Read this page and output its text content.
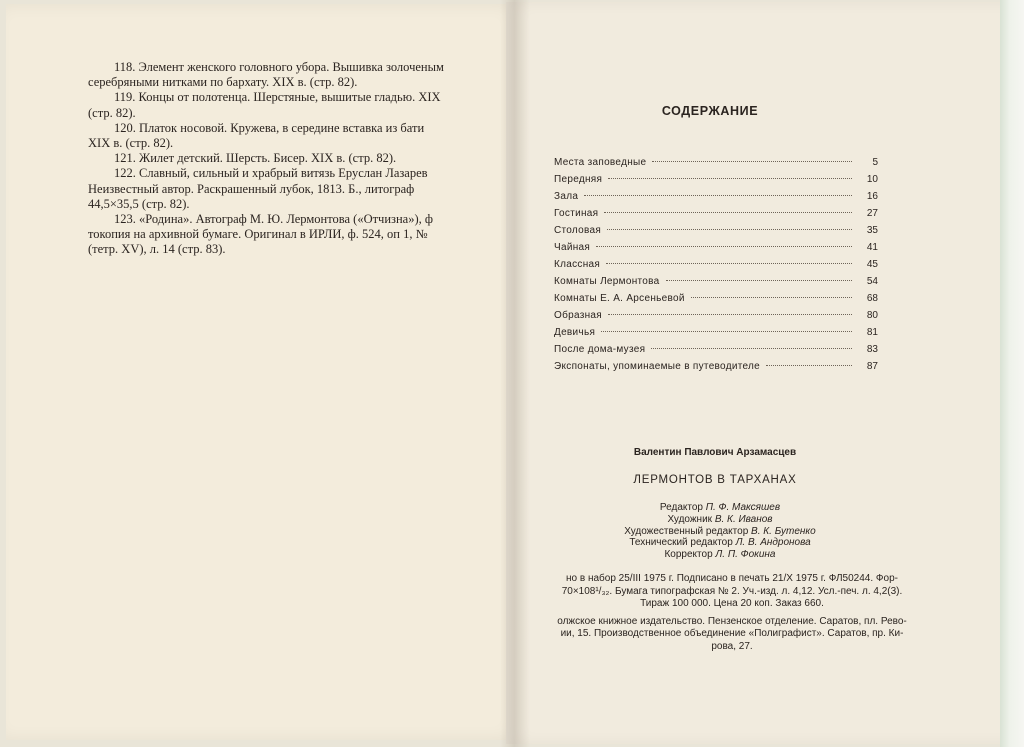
118. Элемент женского головного убора. Вышивка золоченым
серебряными нитками по бархату. XIX в. (стр. 82).
119. Концы от полотенца. Шерстяные, вышитые гладью. XIX
(стр. 82).
120. Платок носовой. Кружева, в середине вставка из бати
XIX в. (стр. 82).
121. Жилет детский. Шерсть. Бисер. XIX в. (стр. 82).
122. Славный, сильный и храбрый витязь Еруслан Лазарев
Неизвестный автор. Раскрашенный лубок, 1813. Б., литограф
44,5×35,5 (стр. 82).
123. «Родина». Автограф М. Ю. Лермонтова («Отчизна»), ф
токопия на архивной бумаге. Оригинал в ИРЛИ, ф. 524, оп 1, №
(тетр. XV), л. 14 (стр. 83).
СОДЕРЖАНИЕ
Места заповедные	5
Передняя	10
Зала	16
Гостиная	27
Столовая	35
Чайная	41
Классная	45
Комнаты Лермонтова	54
Комнаты Е. А. Арсеньевой	68
Образная	80
Девичья	81
После дома-музея	83
Экспонаты, упоминаемые в путеводителе	87
Валентин Павлович Арзамасцев
ЛЕРМОНТОВ В ТАРХАНАХ
Редактор П. Ф. Максяшев
Художник В. К. Иванов
Художественный редактор В. К. Бутенко
Технический редактор Л. В. Андронова
Корректор Л. П. Фокина
но в набор 25/III 1975 г. Подписано в печать 21/X 1975 г. ФЛ50244. Фор-
70×108¹/₃₂. Бумага типографская № 2. Уч.-изд. л. 4,12. Усл.-печ. л. 4,2(3).
Тираж 100 000. Цена 20 коп. Заказ 660.
олжское книжное издательство. Пензенское отделение. Саратов, пл. Рево-
ии, 15. Производственное объединение «Полиграфист». Саратов, пр. Ки-
рова, 27.
